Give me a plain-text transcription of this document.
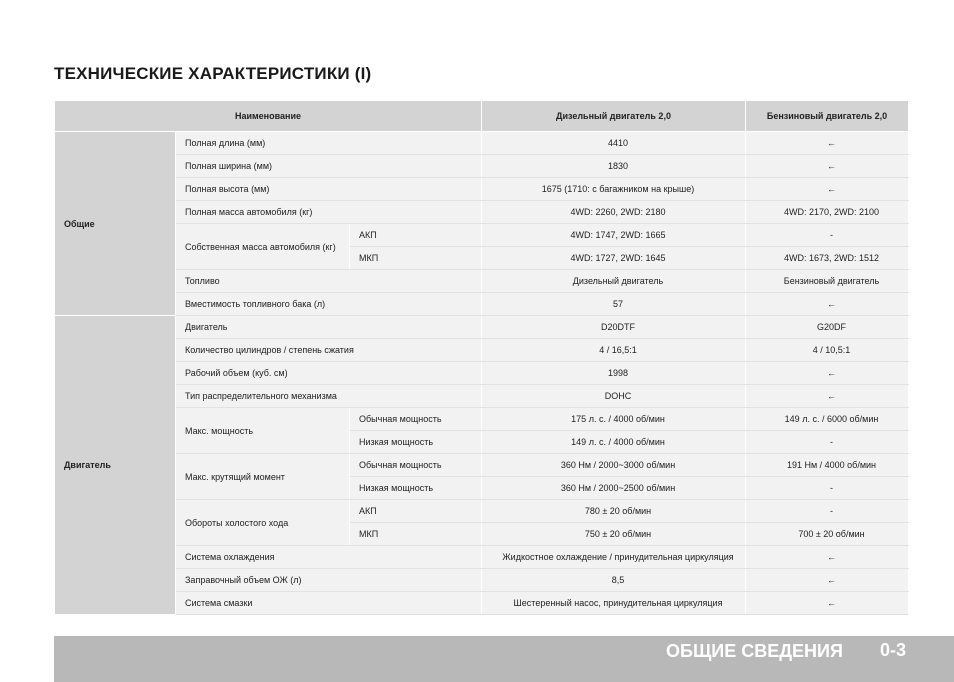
ТЕХНИЧЕСКИЕ ХАРАКТЕРИСТИКИ (I)
Наименование			Дизельный двигатель 2,0	Бензиновый двигатель 2,0
Общие	Полная длина (мм)		4410	←
	Полная ширина (мм)		1830	←
	Полная высота (мм)		1675 (1710: с багажником на крыше)	←
	Полная масса автомобиля (кг)		4WD: 2260, 2WD: 2180	4WD: 2170, 2WD: 2100
	Собственная масса автомобиля (кг)	АКП	4WD: 1747, 2WD: 1665	-
		МКП	4WD: 1727, 2WD: 1645	4WD: 1673, 2WD: 1512
	Топливо		Дизельный двигатель	Бензиновый двигатель
	Вместимость топливного бака (л)		57	←
Двигатель	Двигатель		D20DTF	G20DF
	Количество цилиндров / степень сжатия		4 / 16,5:1	4 / 10,5:1
	Рабочий объем (куб. см)		1998	←
	Тип распределительного механизма		DOHC	←
	Макс. мощность	Обычная мощность	175 л. с. / 4000 об/мин	149 л. с. / 6000 об/мин
		Низкая мощность	149 л. с. / 4000 об/мин	-
	Макс. крутящий момент	Обычная мощность	360 Нм / 2000~3000 об/мин	191 Нм / 4000 об/мин
		Низкая мощность	360 Нм / 2000~2500 об/мин	-
	Обороты холостого хода	АКП	780 ± 20 об/мин	-
		МКП	750 ± 20 об/мин	700 ± 20 об/мин
	Система охлаждения		Жидкостное охлаждение / принудительная циркуляция	←
	Заправочный объем ОЖ (л)		8,5	←
	Система смазки		Шестеренный насос, принудительная циркуляция	←
ОБЩИЕ СВЕДЕНИЯ 0-3
